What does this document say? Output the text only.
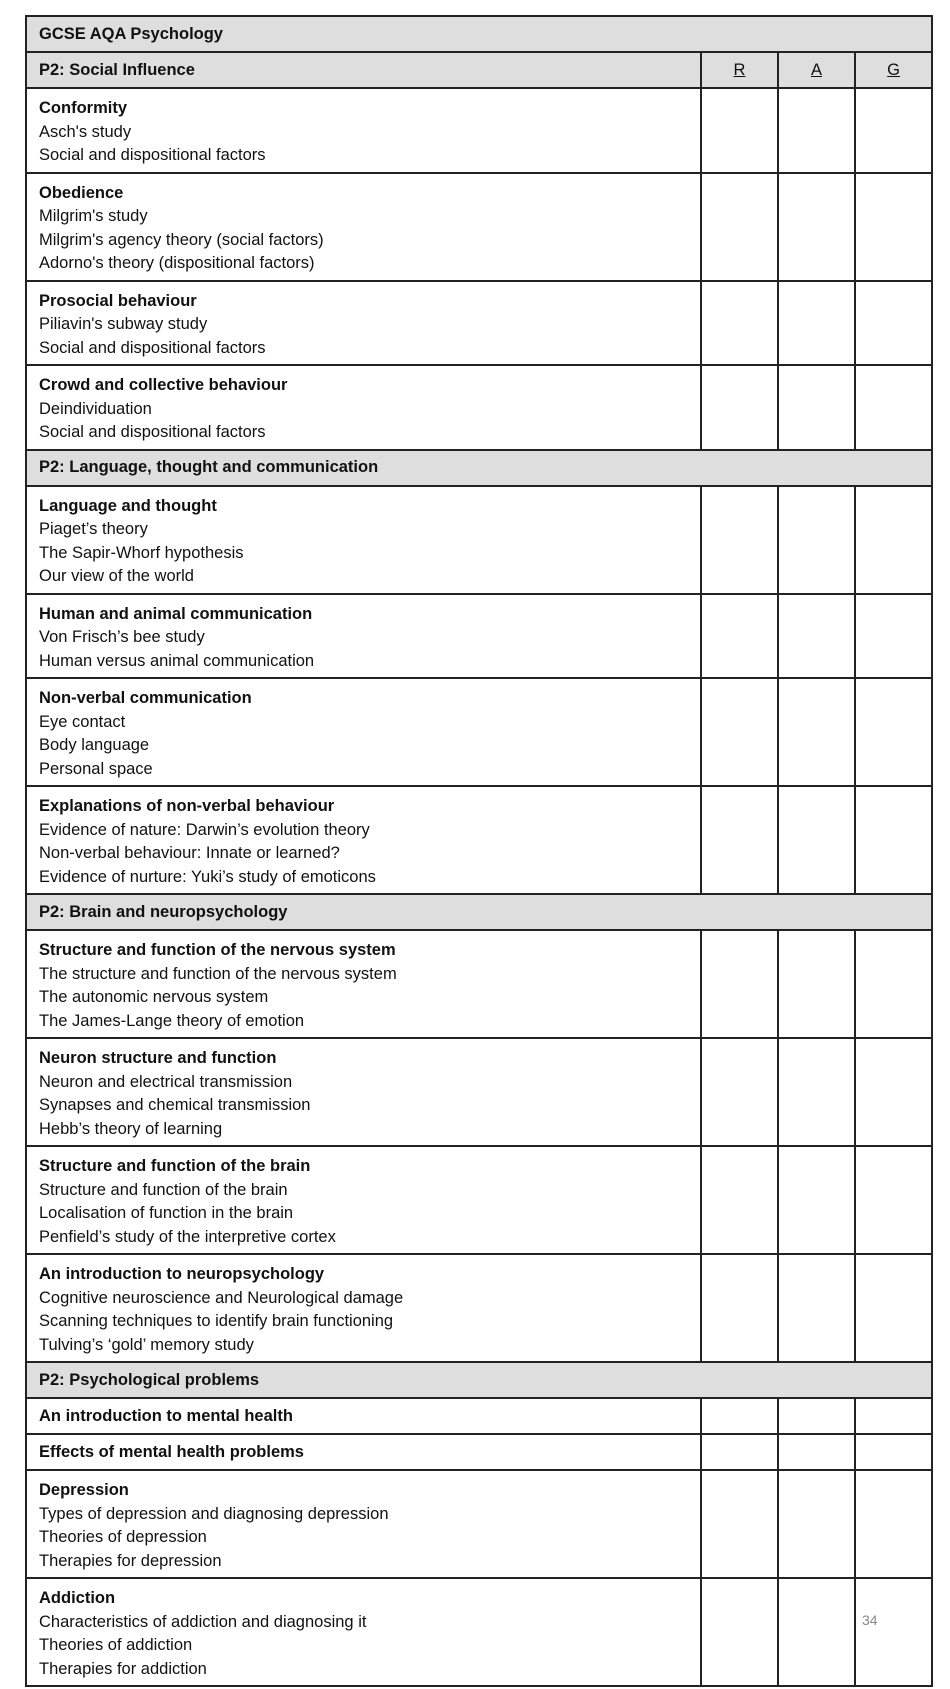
GCSE AQA Psychology			
P2: Social Influence	R	A	G

Conformity
Asch's study
Social and dispositional factors			

Obedience
Milgrim's study
Milgrim's agency theory (social factors)
Adorno's theory (dispositional factors)			

Prosocial behaviour
Piliavin's subway study
Social and dispositional factors			

Crowd and collective behaviour
Deindividuation
Social and dispositional factors			

P2: Language, thought and communication			

Language and thought
Piaget’s theory
The Sapir-Whorf hypothesis
Our view of the world			

Human and animal communication
Von Frisch’s bee study
Human versus animal communication			

Non-verbal communication
Eye contact
Body language
Personal space			

Explanations of non-verbal behaviour
Evidence of nature: Darwin’s evolution theory
Non-verbal behaviour: Innate or learned?
Evidence of nurture: Yuki’s study of emoticons			

P2: Brain and neuropsychology			

Structure and function of the nervous system
The structure and function of the nervous system
The autonomic nervous system
The James-Lange theory of emotion			

Neuron structure and function
Neuron and electrical transmission
Synapses and chemical transmission
Hebb’s theory of learning			

Structure and function of the brain
Structure and function of the brain
Localisation of function in the brain
Penfield’s study of the interpretive cortex			

An introduction to neuropsychology
Cognitive neuroscience and Neurological damage
Scanning techniques to identify brain functioning
Tulving’s ‘gold’ memory study			

P2: Psychological problems			
An introduction to mental health			
Effects of mental health problems			

Depression
Types of depression and diagnosing depression
Theories of depression
Therapies for depression			

Addiction
Characteristics of addiction and diagnosing it
Theories of addiction
Therapies for addiction			

34
